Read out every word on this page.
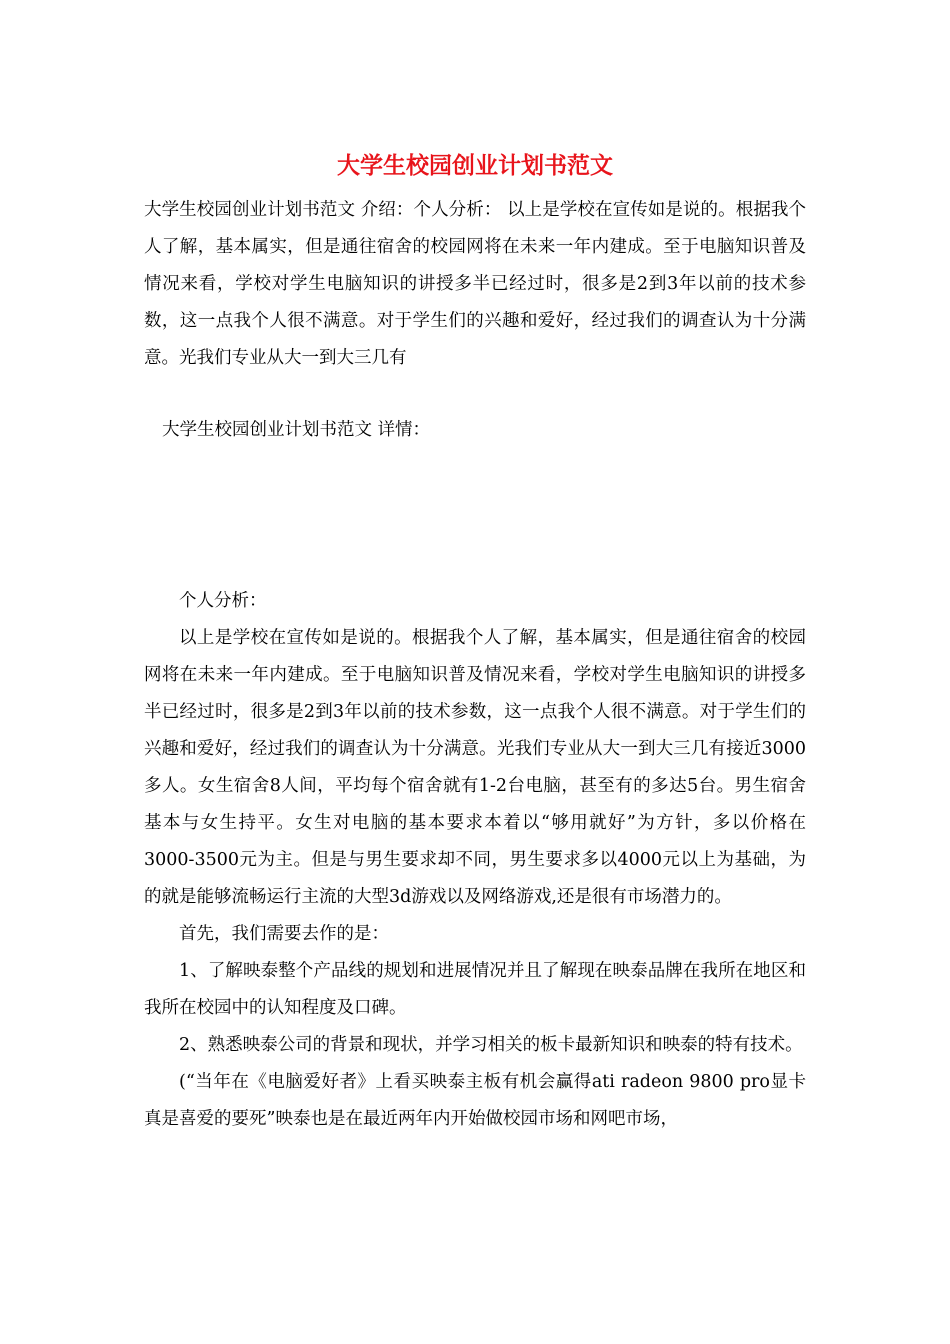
大学生校园创业计划书范文

大学生校园创业计划书范文 介绍：个人分析： 以上是学校在宣传如是说的。根据我个人了解，基本属实，但是通往宿舍的校园网将在未来一年内建成。至于电脑知识普及情况来看，学校对学生电脑知识的讲授多半已经过时，很多是2到3年以前的技术参数，这一点我个人很不满意。对于学生们的兴趣和爱好，经过我们的调查认为十分满意。光我们专业从大一到大三几有

大学生校园创业计划书范文 详情：

个人分析：

以上是学校在宣传如是说的。根据我个人了解，基本属实，但是通往宿舍的校园网将在未来一年内建成。至于电脑知识普及情况来看，学校对学生电脑知识的讲授多半已经过时，很多是2到3年以前的技术参数，这一点我个人很不满意。对于学生们的兴趣和爱好，经过我们的调查认为十分满意。光我们专业从大一到大三几有接近3000多人。女生宿舍8人间，平均每个宿舍就有1-2台电脑，甚至有的多达5台。男生宿舍基本与女生持平。女生对电脑的基本要求本着以“够用就好”为方针，多以价格在3000-3500元为主。但是与男生要求却不同，男生要求多以4000元以上为基础，为的就是能够流畅运行主流的大型3d游戏以及网络游戏,还是很有市场潜力的。

首先，我们需要去作的是：

1、了解映泰整个产品线的规划和进展情况并且了解现在映泰品牌在我所在地区和我所在校园中的认知程度及口碑。

2、熟悉映泰公司的背景和现状，并学习相关的板卡最新知识和映泰的特有技术。

(“当年在《电脑爱好者》上看买映泰主板有机会赢得ati radeon 9800 pro显卡真是喜爱的要死”映泰也是在最近两年内开始做校园市场和网吧市场，
